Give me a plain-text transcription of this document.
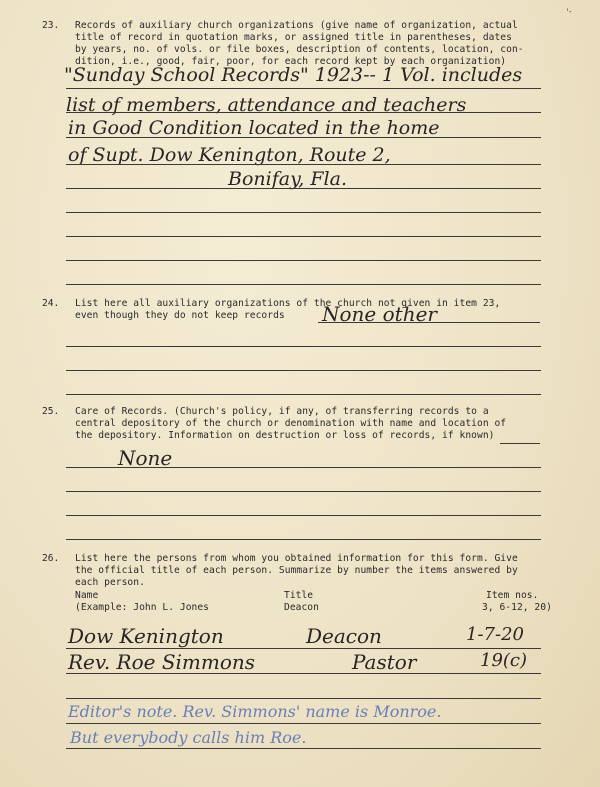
23. Records of auxiliary church organizations (give name of organization, actual
title of record in quotation marks, or assigned title in parentheses, dates
by years, no. of vols. or file boxes, description of contents, location, con-
dition, i.e., good, fair, poor, for each record kept by each organization)
"Sunday School Records" 1923-- 1 Vol. includes
list of members, attendance and teachers
in Good Condition located in the home
of Supt. Dow Kenington, Route 2,
Bonifay, Fla.
24. List here all auxiliary organizations of the church not given in item 23,
even though they do not keep records None other
25. Care of Records. (Church's policy, if any, of transferring records to a
central depository of the church or denomination with name and location of
the depository. Information on destruction or loss of records, if known)
None
26. List here the persons from whom you obtained information for this form. Give
the official title of each person. Summarize by number the items answered by
each person.
Name	Title	Item nos.
(Example: John L. Jones	Deacon	3, 6-12, 20)
Dow Kenington	Deacon	1-7-20
Rev. Roe Simmons	Pastor	19(c)
Editor's note. Rev. Simmons' name is Monroe.
But everybody calls him Roe.
ˈˑ
